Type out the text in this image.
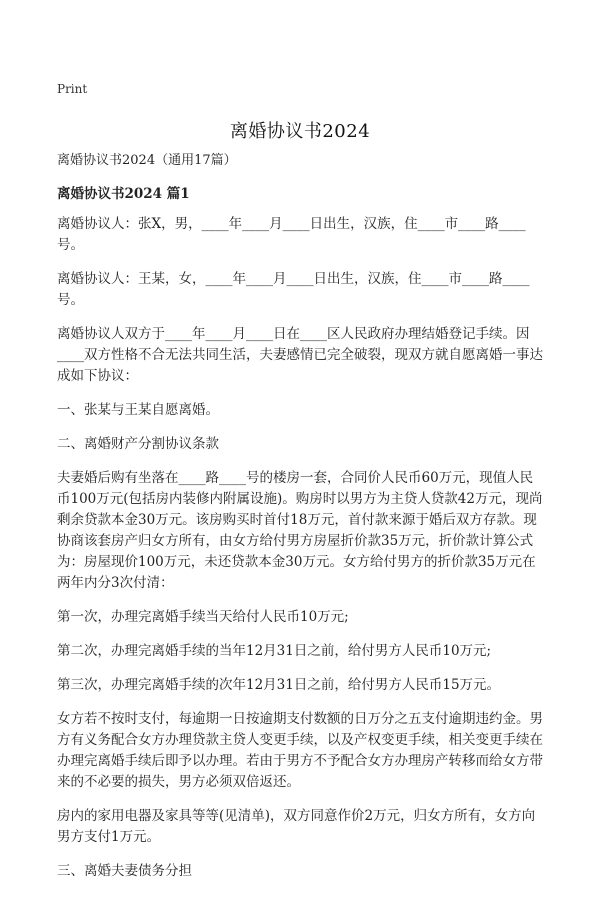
Print
离婚协议书2024

离婚协议书2024（通用17篇）

离婚协议书2024 篇1

离婚协议人：张X，男，____年____月____日出生，汉族，住____市____路____号。

离婚协议人：王某，女，____年____月____日出生，汉族，住____市____路____号。

离婚协议人双方于____年____月____日在____区人民政府办理结婚登记手续。因____双方性格不合无法共同生活，夫妻感情已完全破裂，现双方就自愿离婚一事达成如下协议：

一、张某与王某自愿离婚。

二、离婚财产分割协议条款

夫妻婚后购有坐落在____路____号的楼房一套，合同价人民币60万元，现值人民币100万元(包括房内装修内附属设施)。购房时以男方为主贷人贷款42万元，现尚剩余贷款本金30万元。该房购买时首付18万元，首付款来源于婚后双方存款。现协商该套房产归女方所有，由女方给付男方房屋折价款35万元，折价款计算公式为：房屋现价100万元，未还贷款本金30万元。女方给付男方的折价款35万元在两年内分3次付清：

第一次，办理完离婚手续当天给付人民币10万元;

第二次，办理完离婚手续的当年12月31日之前，给付男方人民币10万元;

第三次，办理完离婚手续的次年12月31日之前，给付男方人民币15万元。

女方若不按时支付，每逾期一日按逾期支付数额的日万分之五支付逾期违约金。男方有义务配合女方办理贷款主贷人变更手续，以及产权变更手续，相关变更手续在办理完离婚手续后即予以办理。若由于男方不予配合女方办理房产转移而给女方带来的不必要的损失，男方必须双倍返还。

房内的家用电器及家具等等(见清单)，双方同意作价2万元，归女方所有，女方向男方支付1万元。

三、离婚夫妻债务分担
